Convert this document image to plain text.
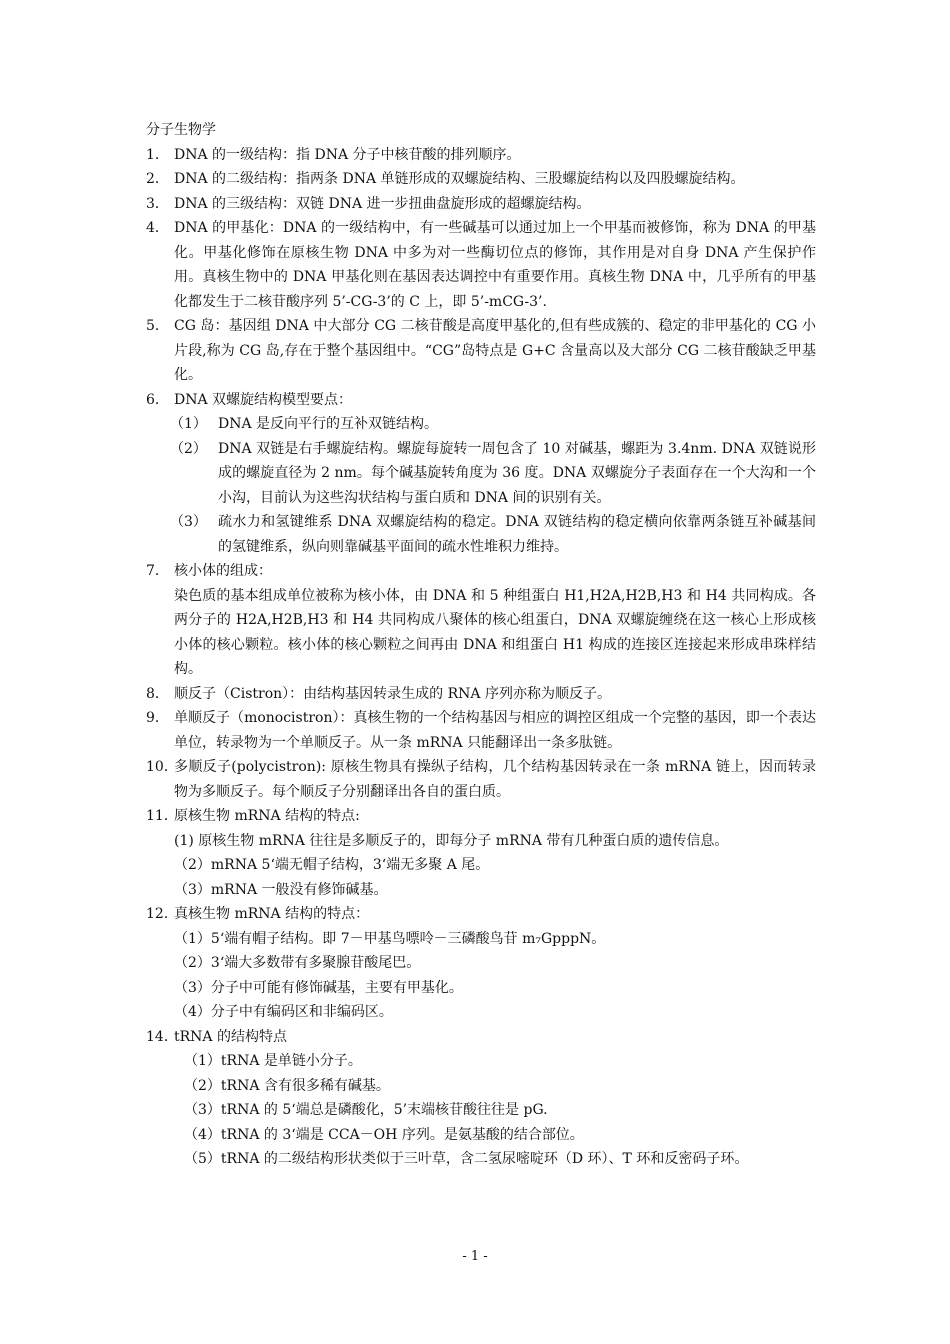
分子生物学
1． DNA 的一级结构：指 DNA 分子中核苷酸的排列顺序。
2． DNA 的二级结构：指两条 DNA 单链形成的双螺旋结构、三股螺旋结构以及四股螺旋结构。
3． DNA 的三级结构：双链 DNA 进一步扭曲盘旋形成的超螺旋结构。
4． DNA 的甲基化：DNA 的一级结构中，有一些碱基可以通过加上一个甲基而被修饰，称为 DNA 的甲基化。甲基化修饰在原核生物 DNA 中多为对一些酶切位点的修饰，其作用是对自身 DNA 产生保护作用。真核生物中的 DNA 甲基化则在基因表达调控中有重要作用。真核生物 DNA 中，几乎所有的甲基化都发生于二核苷酸序列 5’-CG-3’的 C 上，即 5’-mCG-3’.
5． CG 岛：基因组 DNA 中大部分 CG 二核苷酸是高度甲基化的,但有些成簇的、稳定的非甲基化的 CG 小片段,称为 CG 岛,存在于整个基因组中。“CG”岛特点是 G+C 含量高以及大部分 CG 二核苷酸缺乏甲基化。
6． DNA 双螺旋结构模型要点：
（1） DNA 是反向平行的互补双链结构。
（2） DNA 双链是右手螺旋结构。螺旋每旋转一周包含了 10 对碱基，螺距为 3.4nm. DNA 双链说形成的螺旋直径为 2 nm。每个碱基旋转角度为 36 度。DNA 双螺旋分子表面存在一个大沟和一个小沟，目前认为这些沟状结构与蛋白质和 DNA 间的识别有关。
（3） 疏水力和氢键维系 DNA 双螺旋结构的稳定。DNA 双链结构的稳定横向依靠两条链互补碱基间的氢键维系，纵向则靠碱基平面间的疏水性堆积力维持。
7． 核小体的组成：
染色质的基本组成单位被称为核小体，由 DNA 和 5 种组蛋白 H1,H2A,H2B,H3 和 H4 共同构成。各两分子的 H2A,H2B,H3 和 H4 共同构成八聚体的核心组蛋白，DNA 双螺旋缠绕在这一核心上形成核小体的核心颗粒。核小体的核心颗粒之间再由 DNA 和组蛋白 H1 构成的连接区连接起来形成串珠样结构。
8． 顺反子（Cistron）：由结构基因转录生成的 RNA 序列亦称为顺反子。
9． 单顺反子（monocistron）：真核生物的一个结构基因与相应的调控区组成一个完整的基因，即一个表达单位，转录物为一个单顺反子。从一条 mRNA 只能翻译出一条多肽链。
10．
多顺反子(polycistron): 原核生物具有操纵子结构，几个结构基因转录在一条 mRNA 链上，因而转录物为多顺反子。每个顺反子分别翻译出各自的蛋白质。
11．
原核生物 mRNA 结构的特点:
(1) 原核生物 mRNA 往往是多顺反子的，即每分子 mRNA 带有几种蛋白质的遗传信息。
（2）mRNA 5‘端无帽子结构，3‘端无多聚 A 尾。
（3）mRNA 一般没有修饰碱基。
12．
真核生物 mRNA 结构的特点：
（1）5‘端有帽子结构。即 7－甲基鸟嘌呤－三磷酸鸟苷 m₇GpppN。
（2）3‘端大多数带有多聚腺苷酸尾巴。
（3）分子中可能有修饰碱基，主要有甲基化。
（4）分子中有编码区和非编码区。
14．
tRNA 的结构特点
（1）tRNA 是单链小分子。
（2）tRNA 含有很多稀有碱基。
（3）tRNA 的 5‘端总是磷酸化，5’末端核苷酸往往是 pG.
（4）tRNA 的 3‘端是 CCA－OH 序列。是氨基酸的结合部位。
（5）tRNA 的二级结构形状类似于三叶草，含二氢尿嘧啶环（D 环）、T 环和反密码子环。
- 1 -
